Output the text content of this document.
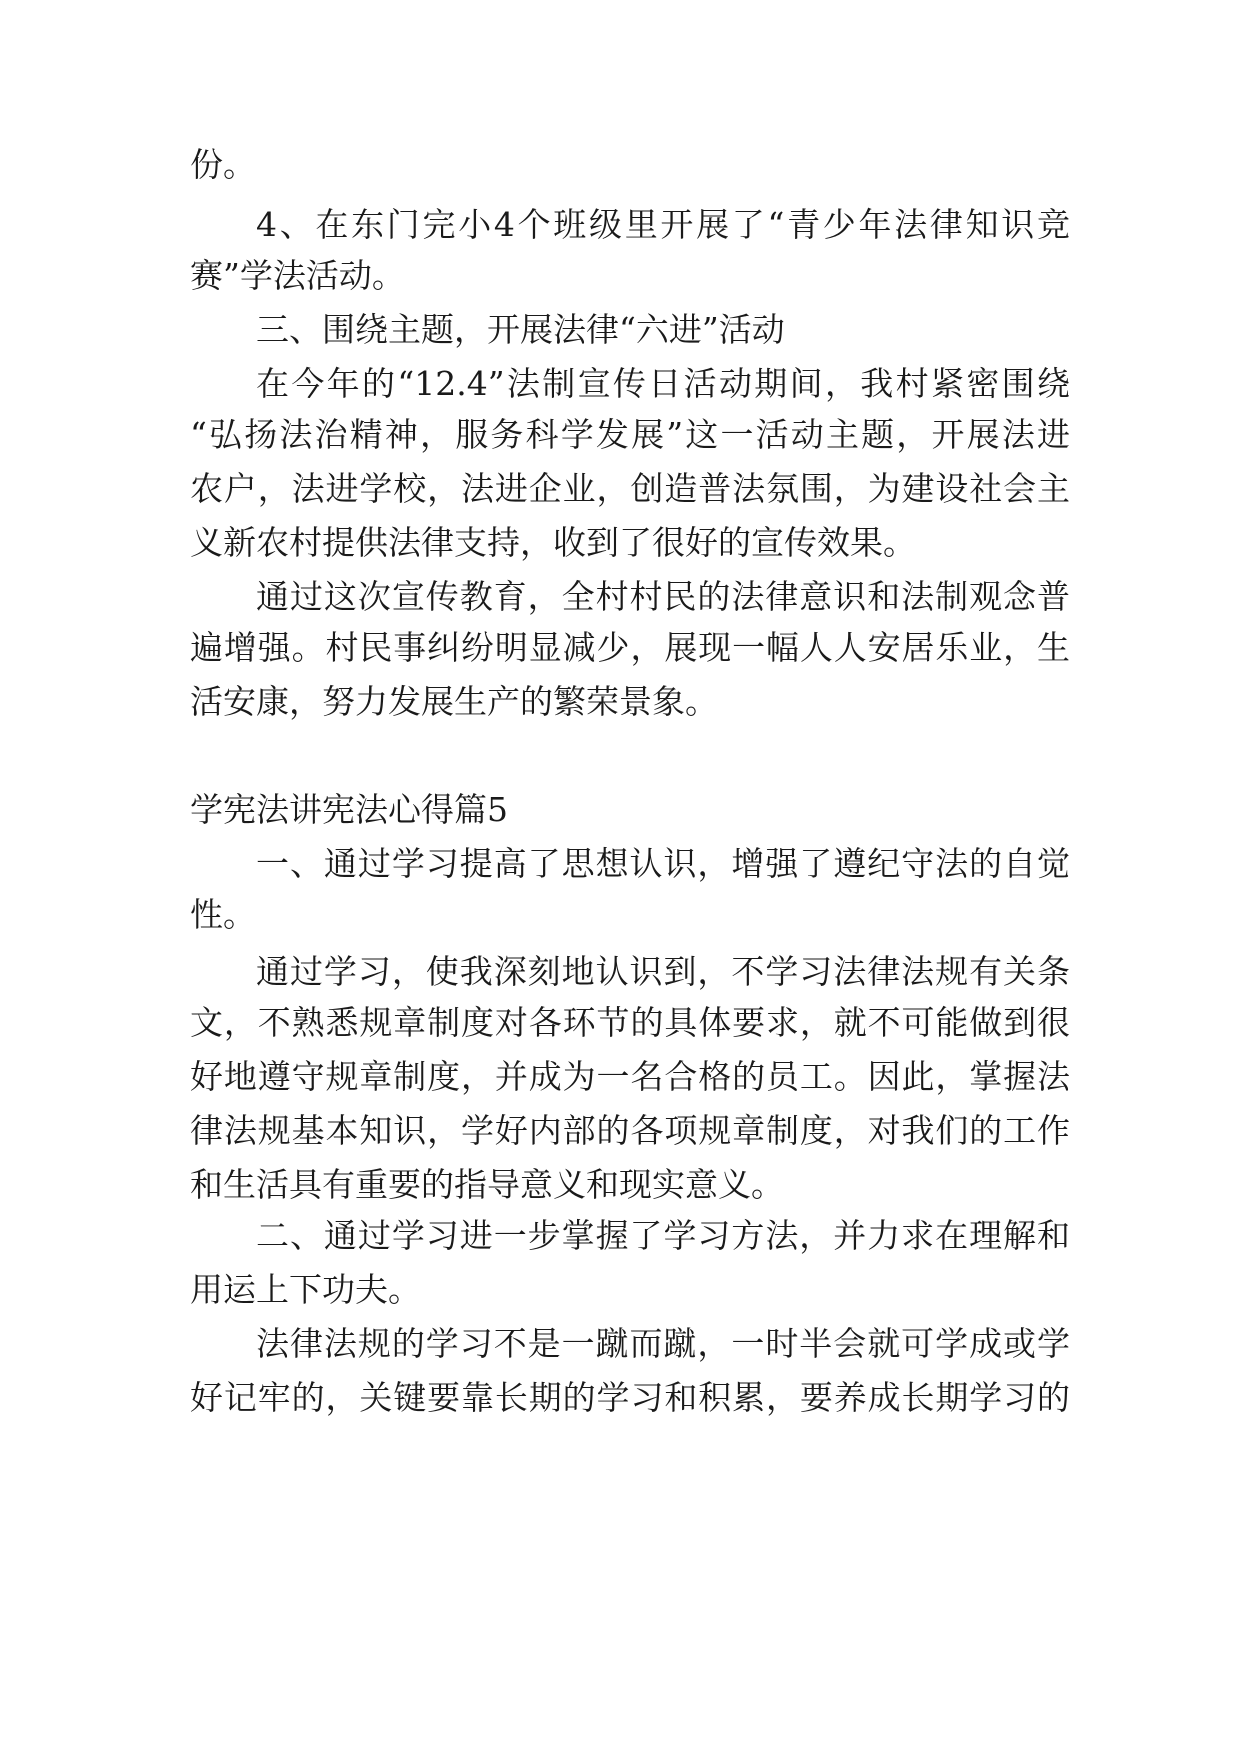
份。
4、在东门完小4个班级里开展了“青少年法律知识竞
赛”学法活动。
三、围绕主题，开展法律“六进”活动
在今年的“12.4”法制宣传日活动期间，我村紧密围绕
“弘扬法治精神，服务科学发展”这一活动主题，开展法进
农户，法进学校，法进企业，创造普法氛围，为建设社会主
义新农村提供法律支持，收到了很好的宣传效果。
通过这次宣传教育，全村村民的法律意识和法制观念普
遍增强。村民事纠纷明显减少，展现一幅人人安居乐业，生
活安康，努力发展生产的繁荣景象。
学宪法讲宪法心得篇5
一、通过学习提高了思想认识，增强了遵纪守法的自觉
性。
通过学习，使我深刻地认识到，不学习法律法规有关条
文，不熟悉规章制度对各环节的具体要求，就不可能做到很
好地遵守规章制度，并成为一名合格的员工。因此，掌握法
律法规基本知识，学好内部的各项规章制度，对我们的工作
和生活具有重要的指导意义和现实意义。
二、通过学习进一步掌握了学习方法，并力求在理解和
用运上下功夫。
法律法规的学习不是一蹴而蹴，一时半会就可学成或学
好记牢的，关键要靠长期的学习和积累，要养成长期学习的
